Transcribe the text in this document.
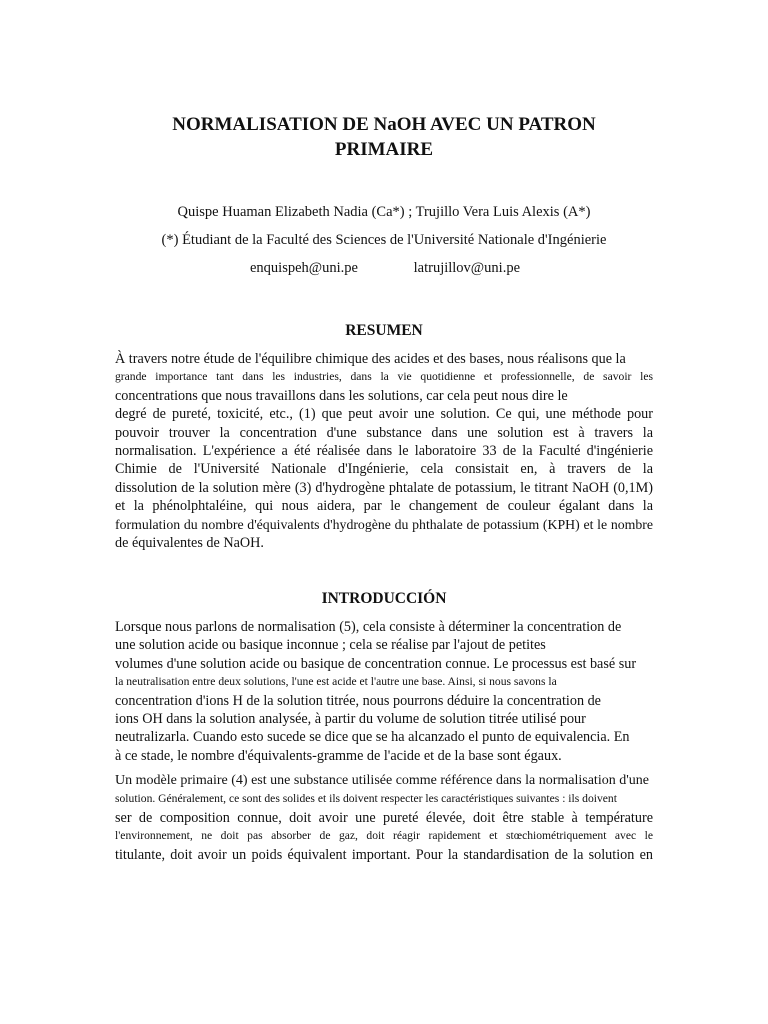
NORMALISATION DE NaOH AVEC UN PATRON
PRIMAIRE
Quispe Huaman Elizabeth Nadia (Ca*) ; Trujillo Vera Luis Alexis (A*)
(*) Étudiant de la Faculté des Sciences de l'Université Nationale d'Ingénierie
enquispeh@uni.pe	latrujillov@uni.pe
RESUMEN
À travers notre étude de l'équilibre chimique des acides et des bases, nous réalisons que la
grande importance tant dans les industries, dans la vie quotidienne et professionnelle, de savoir les
concentrations que nous travaillons dans les solutions, car cela peut nous dire le
degré de pureté, toxicité, etc., (1) que peut avoir une solution. Ce qui, une méthode pour
pouvoir trouver la concentration d'une substance dans une solution est à travers la
normalisation. L'expérience a été réalisée dans le laboratoire 33 de la Faculté d'ingénierie
Chimie de l'Université Nationale d'Ingénierie, cela consistait en, à travers de la
dissolution de la solution mère (3) d'hydrogène phtalate de potassium, le titrant NaOH (0,1M)
et la phénolphtaléine, qui nous aidera, par le changement de couleur égalant dans la
formulation du nombre d'équivalents d'hydrogène du phthalate de potassium (KPH) et le nombre
de équivalentes de NaOH.
INTRODUCCIÓN
Lorsque nous parlons de normalisation (5), cela consiste à déterminer la concentration de
une solution acide ou basique inconnue ; cela se réalise par l'ajout de petites
volumes d'une solution acide ou basique de concentration connue. Le processus est basé sur
la neutralisation entre deux solutions, l'une est acide et l'autre une base. Ainsi, si nous savons la
concentration d'ions H de la solution titrée, nous pourrons déduire la concentration de
ions OH dans la solution analysée, à partir du volume de solution titrée utilisé pour
neutralizarla. Cuando esto sucede se dice que se ha alcanzado el punto de equivalencia. En
à ce stade, le nombre d'équivalents-gramme de l'acide et de la base sont égaux.
Un modèle primaire (4) est une substance utilisée comme référence dans la normalisation d'une
solution. Généralement, ce sont des solides et ils doivent respecter les caractéristiques suivantes : ils doivent
ser de composition connue, doit avoir une pureté élevée, doit être stable à température
l'environnement, ne doit pas absorber de gaz, doit réagir rapidement et stœchiométriquement avec le
titulante, doit avoir un poids équivalent important. Pour la standardisation de la solution en
